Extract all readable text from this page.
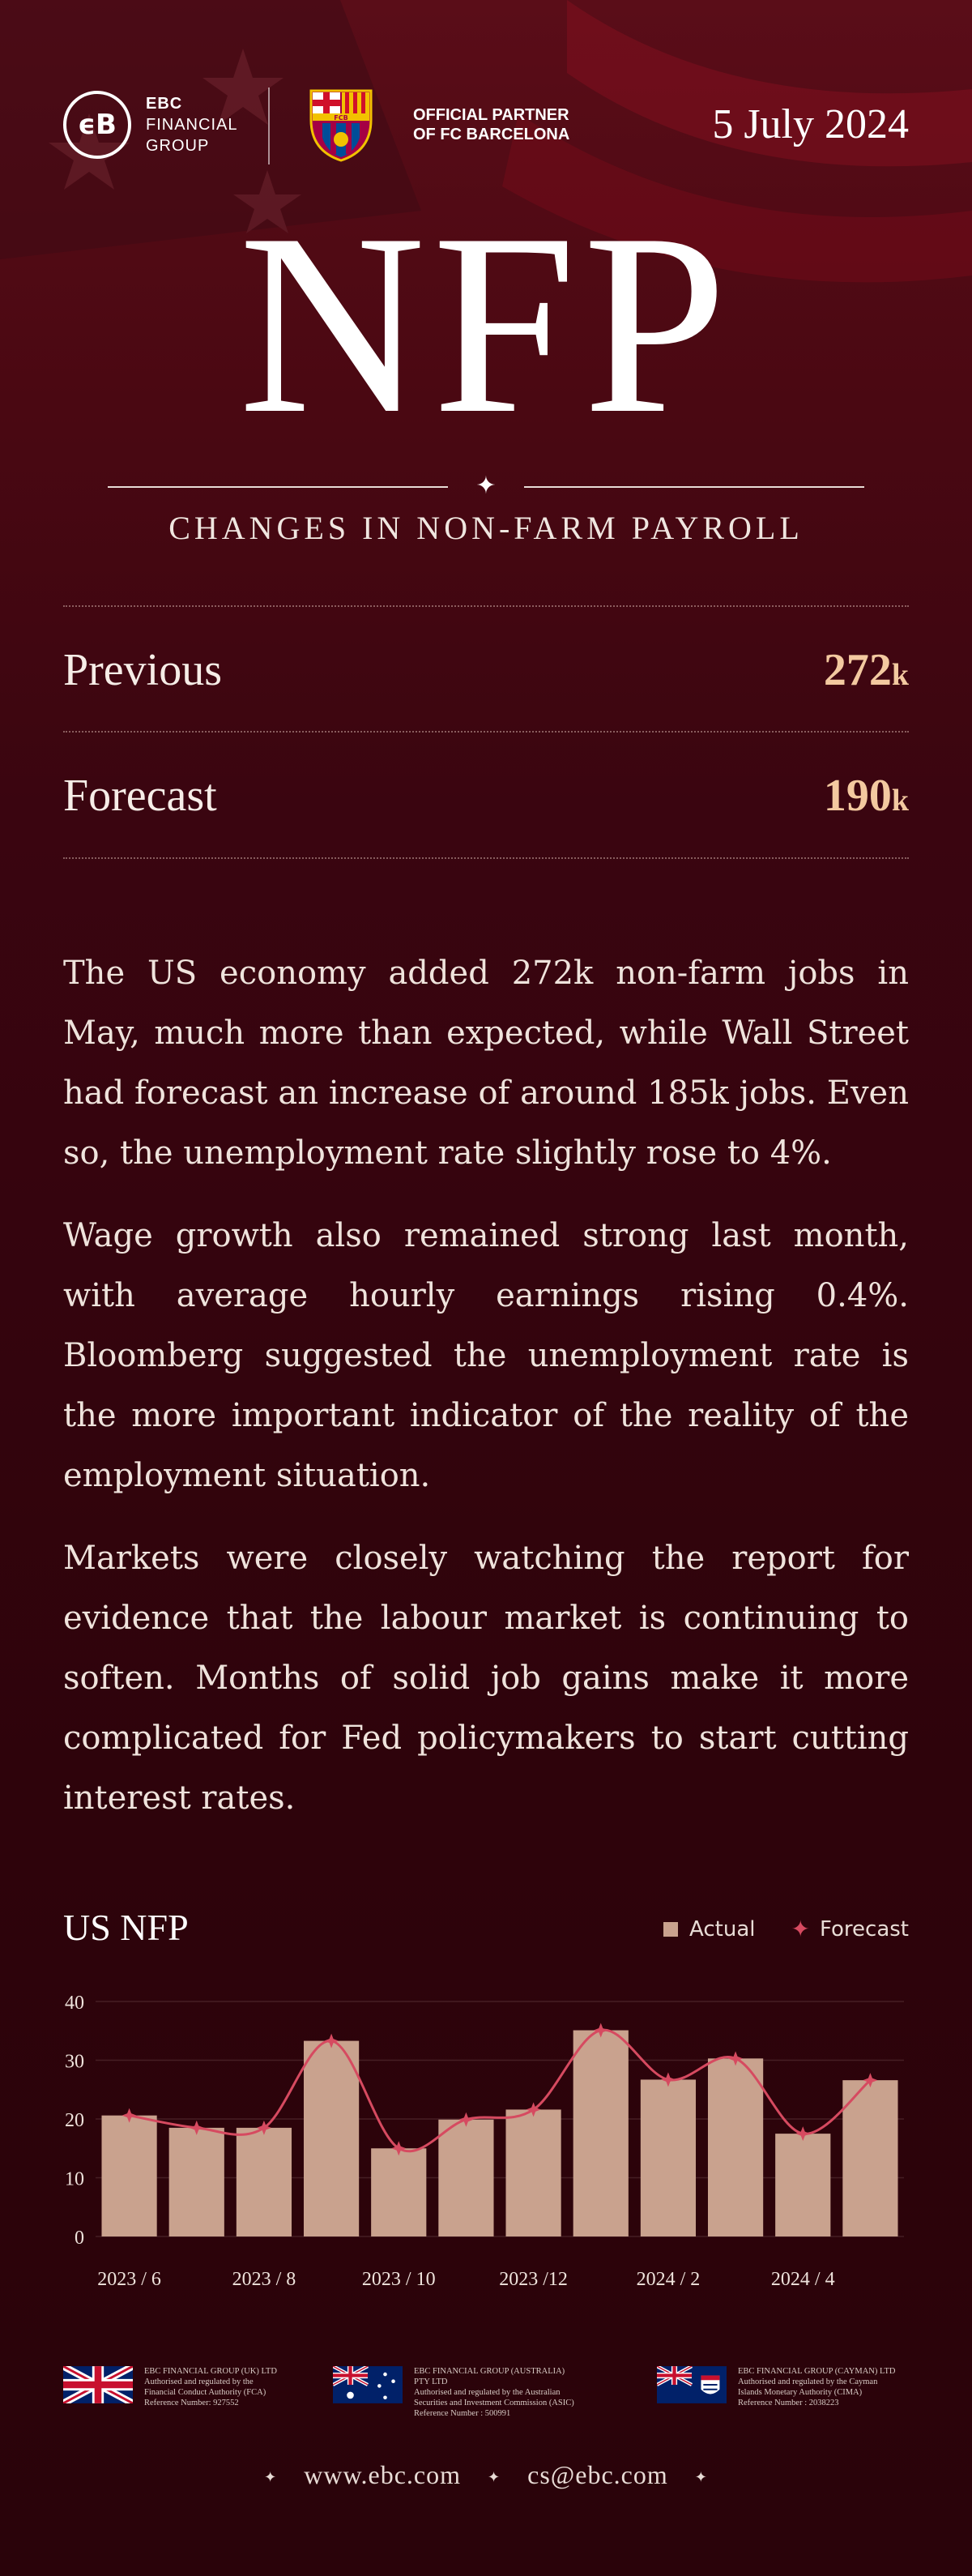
ϵB
EBC
FINANCIAL
GROUP
FCB	OFFICIAL PARTNER
OF FC BARCELONA	5 July 2024
NFP
✦
CHANGES IN NON-FARM PAYROLL
Previous	272k
Forecast	190k

The US economy added 272k non-farm jobs in May, much more than expected, while Wall Street had forecast an increase of around 185k jobs. Even so, the unemployment rate slightly rose to 4%.

Wage growth also remained strong last month, with average hourly earnings rising 0.4%. Bloomberg suggested the unemployment rate is the more important indicator of the reality of the employment situation.

Markets were closely watching the report for evidence that the labour market is continuing to soften. Months of solid job gains make it more complicated for Fed policymakers to start cutting interest rates.

US NFP	Actual ✦ Forecast
0
10
20
30
40
2023 / 6	2023 / 8	2023 / 10	2023 /12	2024 / 2	2024 / 4
EBC FINANCIAL GROUP (UK) LTD
Authorised and regulated by the
Financial Conduct Authority (FCA)
Reference Number: 927552
EBC FINANCIAL GROUP (AUSTRALIA) PTY LTD
Authorised and regulated by the Australian
Securities and Investment Commission (ASIC)
Reference Number : 500991
EBC FINANCIAL GROUP (CAYMAN) LTD
Authorised and regulated by the Cayman
Islands Monetary Authority (CIMA)
Reference Number : 2038223
✦ www.ebc.com ✦ cs@ebc.com ✦
